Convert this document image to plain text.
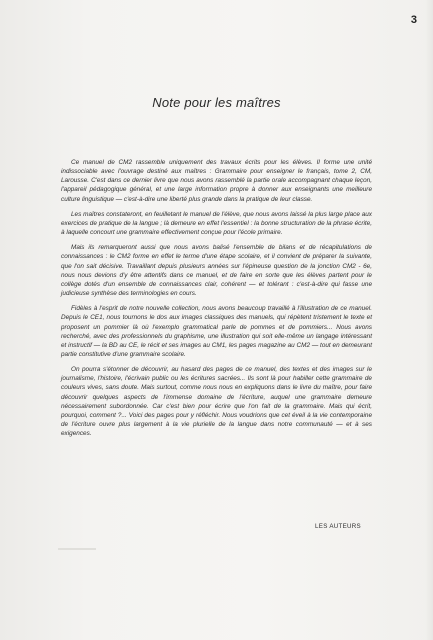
3
Note pour les maîtres

Ce manuel de CM2 rassemble uniquement des travaux écrits pour les élèves. Il forme une unité indissociable avec l'ouvrage destiné aux maîtres : Grammaire pour enseigner le français, tome 2, CM, Larousse. C'est dans ce dernier livre que nous avons rassemblé la partie orale accompagnant chaque leçon, l'appareil pédagogique général, et une large information propre à donner aux enseignants une meilleure culture linguistique — c'est-à-dire une liberté plus grande dans la pratique de leur classe.

Les maîtres constateront, en feuilletant le manuel de l'élève, que nous avons laissé la plus large place aux exercices de pratique de la langue ; là demeure en effet l'essentiel : la bonne structuration de la phrase écrite, à laquelle concourt une grammaire effectivement conçue pour l'école primaire.

Mais ils remarqueront aussi que nous avons balisé l'ensemble de bilans et de récapitulations de connaissances : le CM2 forme en effet le terme d'une étape scolaire, et il convient de préparer la suivante, que l'on sait décisive. Travaillant depuis plusieurs années sur l'épineuse question de la jonction CM2 - 6e, nous nous devions d'y être attentifs dans ce manuel, et de faire en sorte que les élèves partent pour le collège dotés d'un ensemble de connaissances clair, cohérent — et tolérant : c'est-à-dire qui fasse une judicieuse synthèse des terminologies en cours.

Fidèles à l'esprit de notre nouvelle collection, nous avons beaucoup travaillé à l'illustration de ce manuel. Depuis le CE1, nous tournons le dos aux images classiques des manuels, qui répètent tristement le texte et proposent un pommier là où l'exemplo grammatical parle de pommes et de pommiers... Nous avons recherché, avec des professionnels du graphisme, une illustration qui soit elle-même un langage intéressant et instructif — la BD au CE, le récit et ses images au CM1, les pages magazine au CM2 — tout en demeurant partie constitutive d'une grammaire scolaire.

On pourra s'étonner de découvrir, au hasard des pages de ce manuel, des textes et des images sur le journalisme, l'histoire, l'écrivain public ou les écritures sacrées... Ils sont là pour habiller cette grammaire de couleurs vives, sans doute. Mais surtout, comme nous nous en expliquons dans le livre du maître, pour faire découvrir quelques aspects de l'immense domaine de l'écriture, auquel une grammaire demeure nécessairement subordonnée. Car c'est bien pour écrire que l'on fait de la grammaire. Mais qui écrit, pourquoi, comment ?... Voici des pages pour y réfléchir. Nous voudrions que cet éveil à la vie contemporaine de l'écriture ouvre plus largement à la vie plurielle de la langue dans notre communauté — et à ses exigences.

LES AUTEURS
